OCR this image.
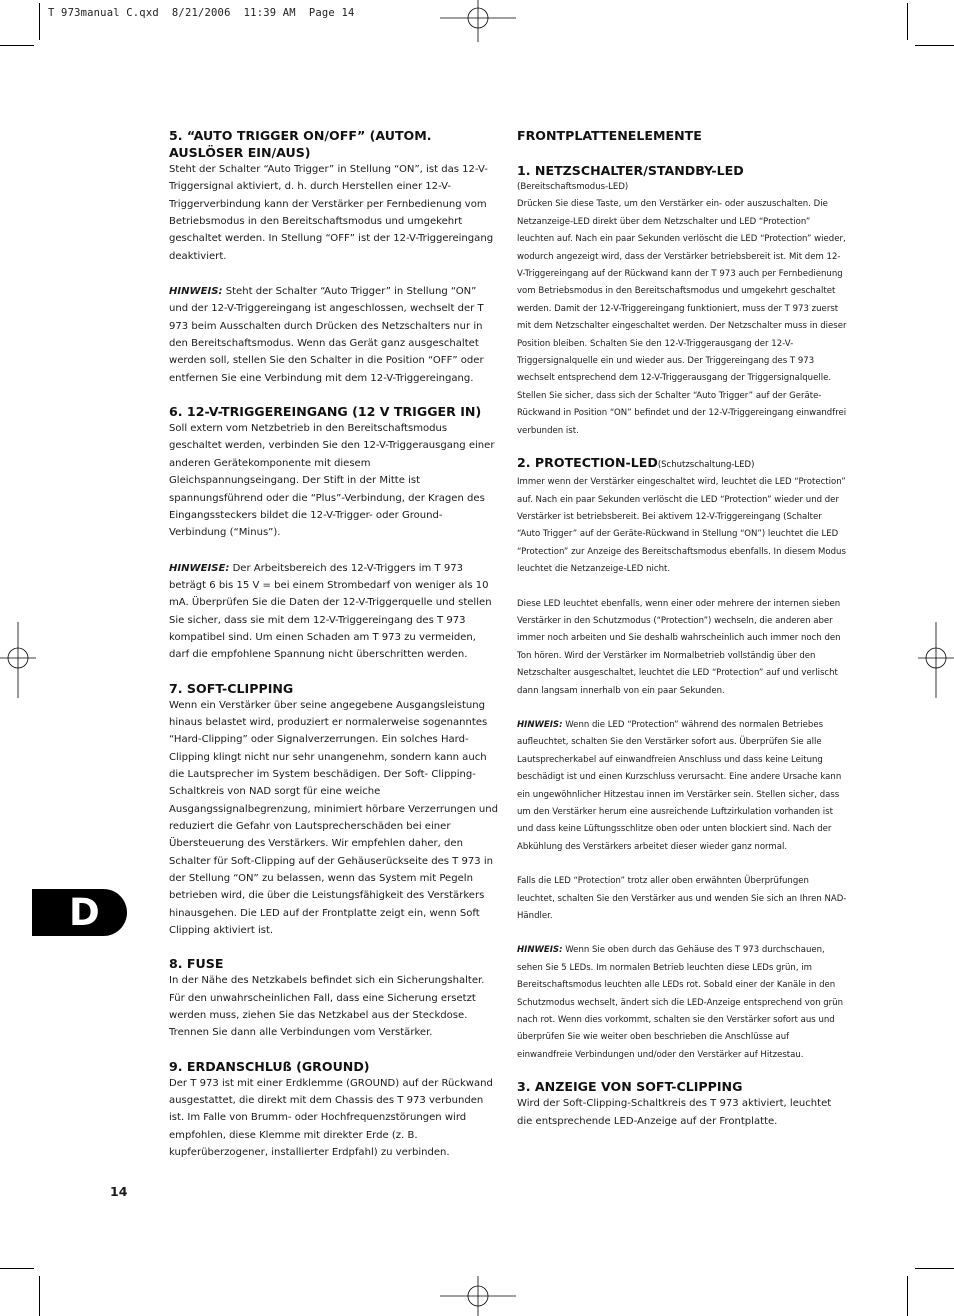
T 973manual C.qxd  8/21/2006  11:39 AM  Page 14
5. “AUTO TRIGGER ON/OFF” (AUTOM. AUSLÖSER EIN/AUS)

Steht der Schalter “Auto Trigger” in Stellung “ON”, ist das 12-V-Triggersignal aktiviert, d. h. durch Herstellen einer 12-V-Triggerverbindung kann der Verstärker per Fernbedienung vom Betriebsmodus in den Bereitschaftsmodus und umgekehrt geschaltet werden. In Stellung “OFF” ist der 12-V-Triggereingang deaktiviert.

HINWEIS: Steht der Schalter “Auto Trigger” in Stellung “ON” und der 12-V-Triggereingang ist angeschlossen, wechselt der T 973 beim Ausschalten durch Drücken des Netzschalters nur in den Bereitschaftsmodus. Wenn das Gerät ganz ausgeschaltet werden soll, stellen Sie den Schalter in die Position “OFF” oder entfernen Sie eine Verbindung mit dem 12-V-Triggereingang.

6. 12-V-TRIGGEREINGANG (12 V TRIGGER IN)

Soll extern vom Netzbetrieb in den Bereitschaftsmodus geschaltet werden, verbinden Sie den 12-V-Triggerausgang einer anderen Gerätekomponente mit diesem Gleichspannungseingang. Der Stift in der Mitte ist spannungsführend oder die “Plus”-Verbindung, der Kragen des Eingangssteckers bildet die 12-V-Trigger- oder Ground-Verbindung (“Minus”).

HINWEISE: Der Arbeitsbereich des 12-V-Triggers im T 973 beträgt 6 bis 15 V = bei einem Strombedarf von weniger als 10 mA. Überprüfen Sie die Daten der 12-V-Triggerquelle und stellen Sie sicher, dass sie mit dem 12-V-Triggereingang des T 973 kompatibel sind. Um einen Schaden am T 973 zu vermeiden, darf die empfohlene Spannung nicht überschritten werden.

7. SOFT-CLIPPING

Wenn ein Verstärker über seine angegebene Ausgangsleistung hinaus belastet wird, produziert er normalerweise sogenanntes “Hard-Clipping” oder Signalverzerrungen. Ein solches Hard-Clipping klingt nicht nur sehr unangenehm, sondern kann auch die Lautsprecher im System beschädigen. Der Soft- Clipping-Schaltkreis von NAD sorgt für eine weiche Ausgangssignalbegrenzung, minimiert hörbare Verzerrungen und reduziert die Gefahr von Lautsprecherschäden bei einer Übersteuerung des Verstärkers. Wir empfehlen daher, den Schalter für Soft-Clipping auf der Gehäuserückseite des T 973 in der Stellung “ON” zu belassen, wenn das System mit Pegeln betrieben wird, die über die Leistungsfähigkeit des Verstärkers hinausgehen. Die LED auf der Frontplatte zeigt ein, wenn Soft Clipping aktiviert ist.

8. FUSE

In der Nähe des Netzkabels befindet sich ein Sicherungshalter. Für den unwahrscheinlichen Fall, dass eine Sicherung ersetzt werden muss, ziehen Sie das Netzkabel aus der Steckdose. Trennen Sie dann alle Verbindungen vom Verstärker.

9. ERDANSCHLUß (GROUND)

Der T 973 ist mit einer Erdklemme (GROUND) auf der Rückwand ausgestattet, die direkt mit dem Chassis des T 973 verbunden ist. Im Falle von Brumm- oder Hochfrequenzstörungen wird empfohlen, diese Klemme mit direkter Erde (z. B. kupferüberzogener, installierter Erdpfahl) zu verbinden.

FRONTPLATTENELEMENTE
1. NETZSCHALTER/STANDBY-LED

(Bereitschaftsmodus-LED)

Drücken Sie diese Taste, um den Verstärker ein- oder auszuschalten. Die Netzanzeige-LED direkt über dem Netzschalter und LED “Protection” leuchten auf. Nach ein paar Sekunden verlöscht die LED “Protection” wieder, wodurch angezeigt wird, dass der Verstärker betriebsbereit ist. Mit dem 12-V-Triggereingang auf der Rückwand kann der T 973 auch per Fernbedienung vom Betriebsmodus in den Bereitschaftsmodus und umgekehrt geschaltet werden. Damit der 12-V-Triggereingang funktioniert, muss der T 973 zuerst mit dem Netzschalter eingeschaltet werden. Der Netzschalter muss in dieser Position bleiben. Schalten Sie den 12-V-Triggerausgang der 12-V-Triggersignalquelle ein und wieder aus. Der Triggereingang des T 973 wechselt entsprechend dem 12-V-Triggerausgang der Triggersignalquelle. Stellen Sie sicher, dass sich der Schalter “Auto Trigger” auf der Geräte-Rückwand in Position “ON” befindet und der 12-V-Triggereingang einwandfrei verbunden ist.

2. PROTECTION-LED(Schutzschaltung-LED)

Immer wenn der Verstärker eingeschaltet wird, leuchtet die LED “Protection” auf. Nach ein paar Sekunden verlöscht die LED “Protection” wieder und der Verstärker ist betriebsbereit. Bei aktivem 12-V-Triggereingang (Schalter “Auto Trigger” auf der Geräte-Rückwand in Stellung “ON”) leuchtet die LED “Protection” zur Anzeige des Bereitschaftsmodus ebenfalls. In diesem Modus leuchtet die Netzanzeige-LED nicht.

Diese LED leuchtet ebenfalls, wenn einer oder mehrere der internen sieben Verstärker in den Schutzmodus (“Protection”) wechseln, die anderen aber immer noch arbeiten und Sie deshalb wahrscheinlich auch immer noch den Ton hören. Wird der Verstärker im Normalbetrieb vollständig über den Netzschalter ausgeschaltet, leuchtet die LED “Protection” auf und verlischt dann langsam innerhalb von ein paar Sekunden.

HINWEIS: Wenn die LED “Protection” während des normalen Betriebes aufleuchtet, schalten Sie den Verstärker sofort aus. Überprüfen Sie alle Lautsprecherkabel auf einwandfreien Anschluss und dass keine Leitung beschädigt ist und einen Kurzschluss verursacht. Eine andere Ursache kann ein ungewöhnlicher Hitzestau innen im Verstärker sein. Stellen sicher, dass um den Verstärker herum eine ausreichende Luftzirkulation vorhanden ist und dass keine Lüftungsschlitze oben oder unten blockiert sind. Nach der Abkühlung des Verstärkers arbeitet dieser wieder ganz normal.

Falls die LED “Protection” trotz aller oben erwähnten Überprüfungen leuchtet, schalten Sie den Verstärker aus und wenden Sie sich an Ihren NAD-Händler.

HINWEIS: Wenn Sie oben durch das Gehäuse des T 973 durchschauen, sehen Sie 5 LEDs. Im normalen Betrieb leuchten diese LEDs grün, im Bereitschaftsmodus leuchten alle LEDs rot. Sobald einer der Kanäle in den Schutzmodus wechselt, ändert sich die LED-Anzeige entsprechend von grün nach rot. Wenn dies vorkommt, schalten sie den Verstärker sofort aus und überprüfen Sie wie weiter oben beschrieben die Anschlüsse auf einwandfreie Verbindungen und/oder den Verstärker auf Hitzestau.

3. ANZEIGE VON SOFT-CLIPPING

Wird der Soft-Clipping-Schaltkreis des T 973 aktiviert, leuchtet die entsprechende LED-Anzeige auf der Frontplatte.

D
14
